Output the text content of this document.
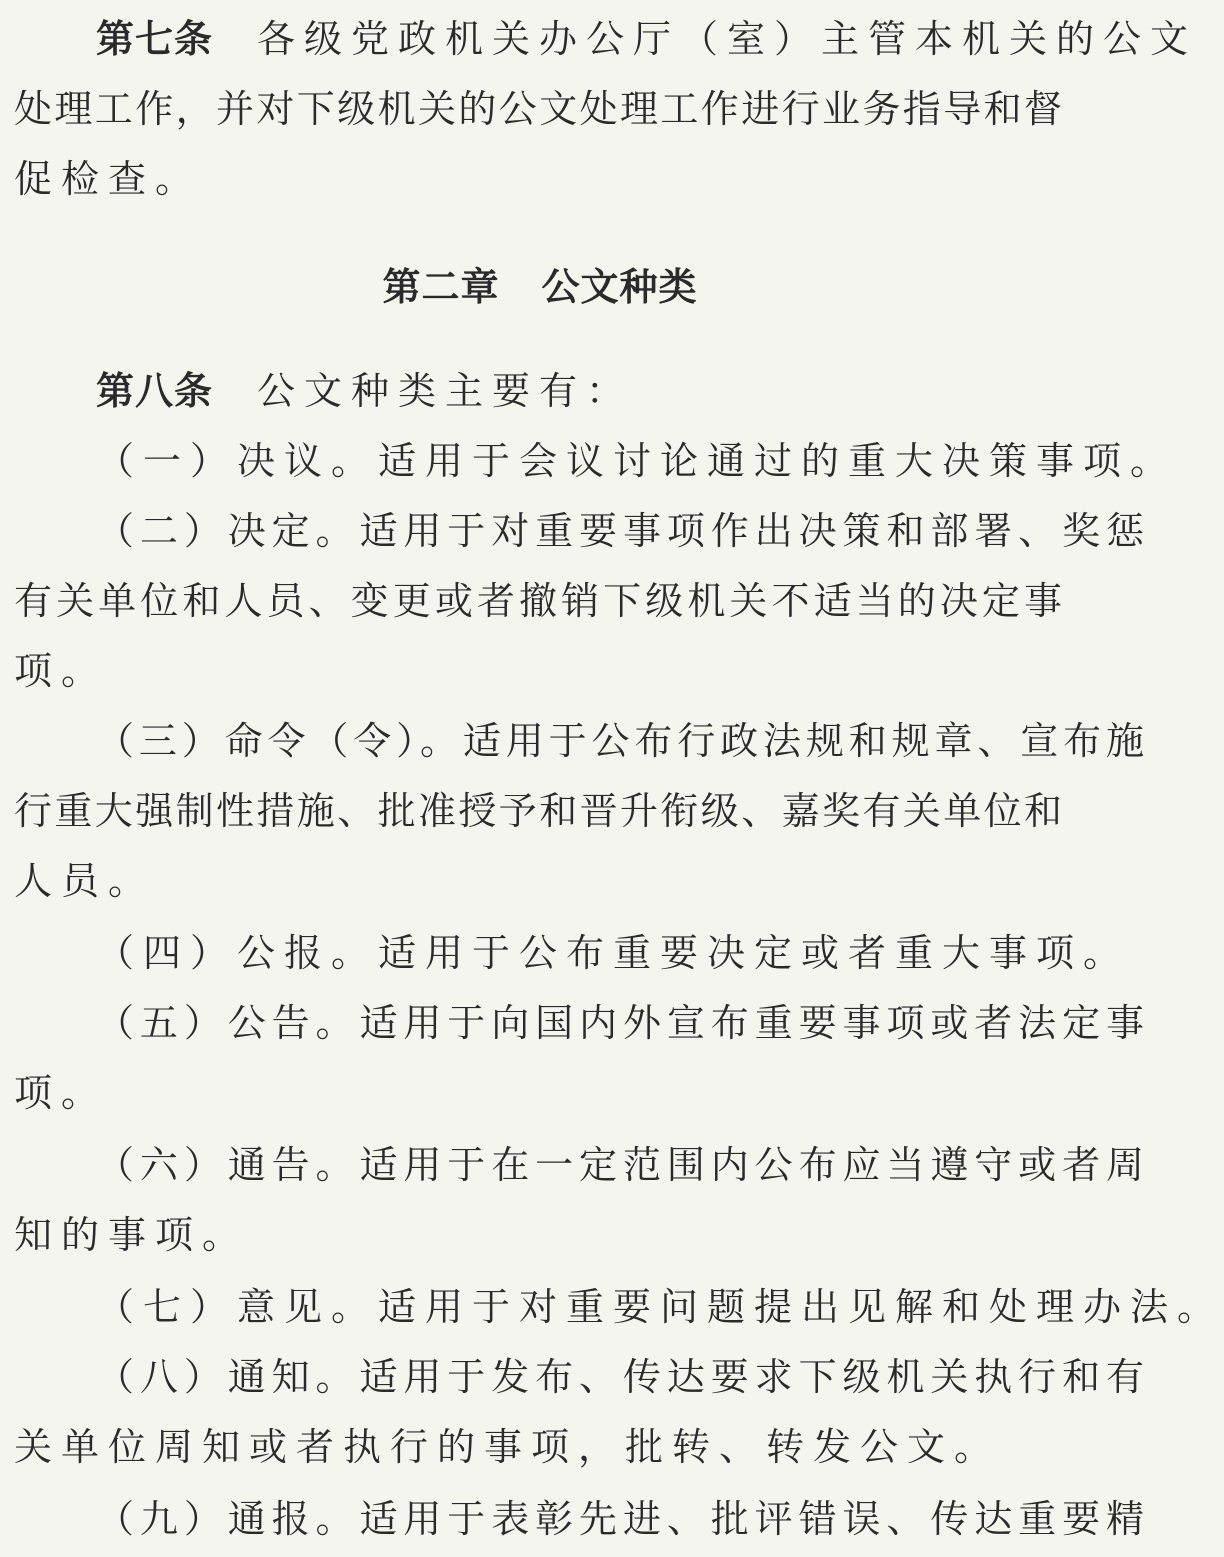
第七条 各级党政机关办公厅（室）主管本机关的公文
处理工作，并对下级机关的公文处理工作进行业务指导和督
促检查。
第二章 公文种类
第八条 公文种类主要有：
（一）决议。适用于会议讨论通过的重大决策事项。
（二）决定。适用于对重要事项作出决策和部署、奖惩
有关单位和人员、变更或者撤销下级机关不适当的决定事
项。
（三）命令（令）。适用于公布行政法规和规章、宣布施
行重大强制性措施、批准授予和晋升衔级、嘉奖有关单位和
人员。
（四）公报。适用于公布重要决定或者重大事项。
（五）公告。适用于向国内外宣布重要事项或者法定事
项。
（六）通告。适用于在一定范围内公布应当遵守或者周
知的事项。
（七）意见。适用于对重要问题提出见解和处理办法。
（八）通知。适用于发布、传达要求下级机关执行和有
关单位周知或者执行的事项，批转、转发公文。
（九）通报。适用于表彰先进、批评错误、传达重要精
